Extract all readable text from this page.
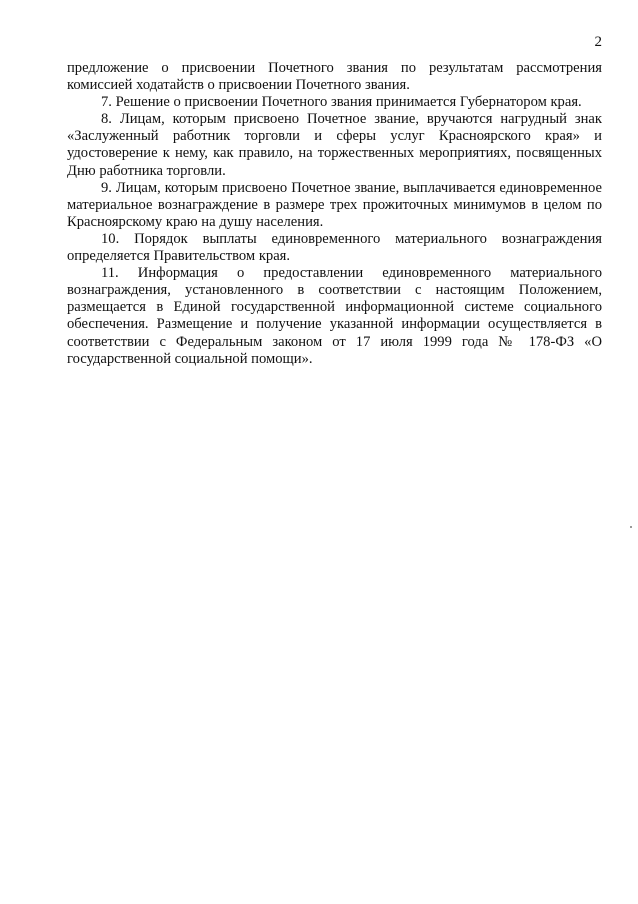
2

предложение о присвоении Почетного звания по результатам рассмотрения комиссией ходатайств о присвоении Почетного звания.

7. Решение о присвоении Почетного звания принимается Губернатором края.

8. Лицам, которым присвоено Почетное звание, вручаются нагрудный знак «Заслуженный работник торговли и сферы услуг Красноярского края» и удостоверение к нему, как правило, на торжественных мероприятиях, посвященных Дню работника торговли.

9. Лицам, которым присвоено Почетное звание, выплачивается единовременное материальное вознаграждение в размере трех прожиточных минимумов в целом по Красноярскому краю на душу населения.

10. Порядок выплаты единовременного материального вознаграждения определяется Правительством края.

11. Информация о предоставлении единовременного материального вознаграждения, установленного в соответствии с настоящим Положением, размещается в Единой государственной информационной системе социального обеспечения. Размещение и получение указанной информации осуществляется в соответствии с Федеральным законом от 17 июля 1999 года № 178-ФЗ «О государственной социальной помощи».
